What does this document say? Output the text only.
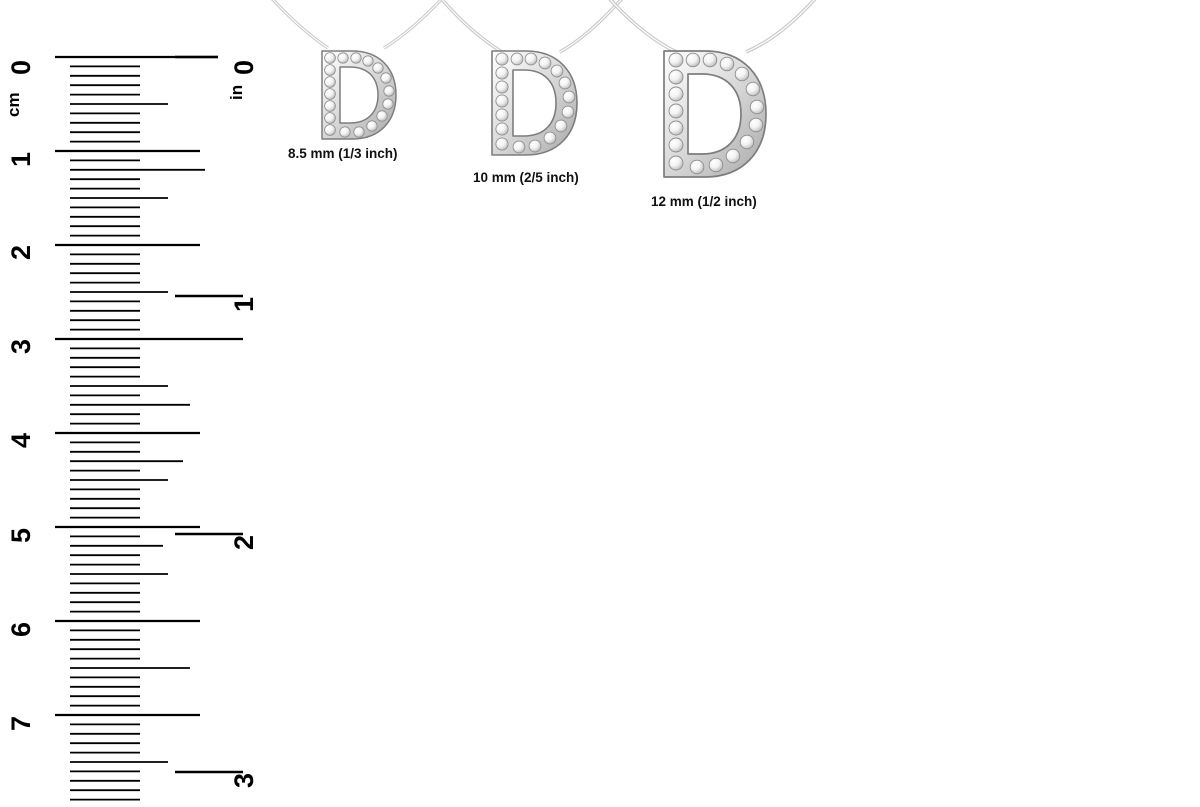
0
1
2
3
4
5
6
7
cm
0
1
2
3
in
8.5 mm (1/3 inch)
10 mm (2/5 inch)
12 mm (1/2 inch)
